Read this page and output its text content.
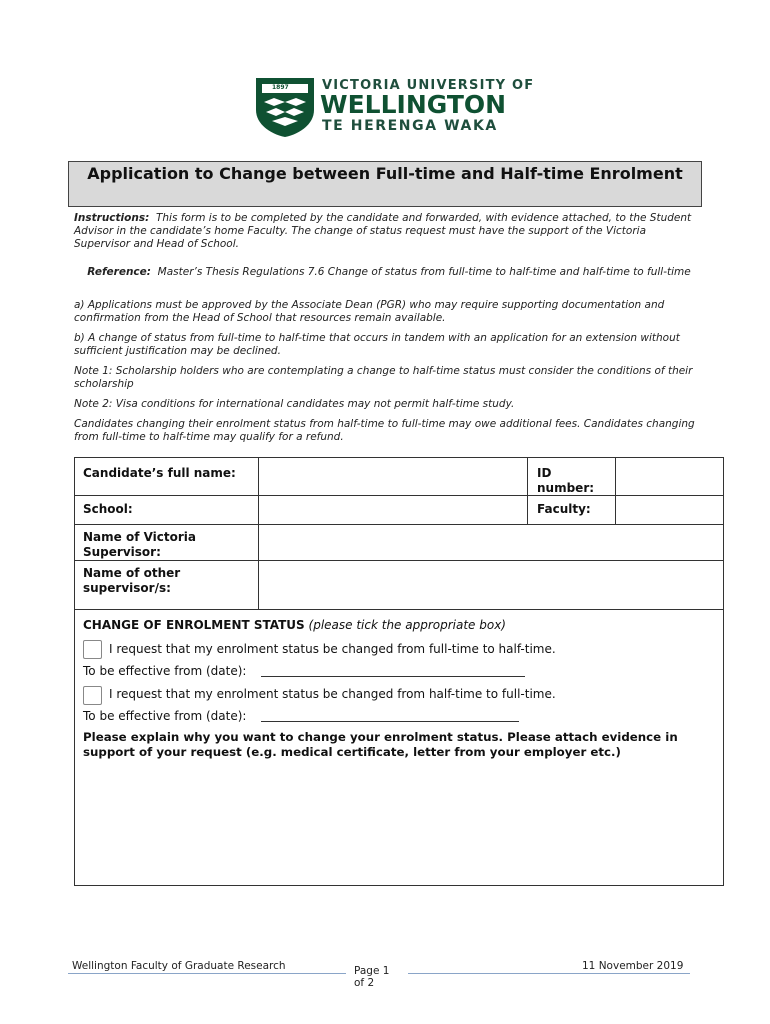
1897	VICTORIA UNIVERSITY OF
WELLINGTON
TE HERENGA WAKA
Application to Change between Full-time and Half-time Enrolment
Instructions: This form is to be completed by the candidate and forwarded, with evidence attached, to the Student Advisor in the candidate’s home Faculty. The change of status request must have the support of the Victoria Supervisor and Head of School.
Reference: Master’s Thesis Regulations 7.6 Change of status from full-time to half-time and half-time to full-time
a) Applications must be approved by the Associate Dean (PGR) who may require supporting documentation and confirmation from the Head of School that resources remain available.
b) A change of status from full-time to half-time that occurs in tandem with an application for an extension without sufficient justification may be declined.
Note 1: Scholarship holders who are contemplating a change to half-time status must consider the conditions of their scholarship
Note 2: Visa conditions for international candidates may not permit half-time study.
Candidates changing their enrolment status from half-time to full-time may owe additional fees. Candidates changing from full-time to half-time may qualify for a refund.
Candidate’s full name:	ID number:
School:	Faculty:
Name of Victoria Supervisor:
Name of other supervisor/s:
CHANGE OF ENROLMENT STATUS (please tick the appropriate box)
I request that my enrolment status be changed from full-time to half-time.
To be effective from (date):
I request that my enrolment status be changed from half-time to full-time.
To be effective from (date):
Please explain why you want to change your enrolment status. Please attach evidence in support of your request (e.g. medical certificate, letter from your employer etc.)
Wellington Faculty of Graduate Research	Page 1 of 2
11 November 2019
